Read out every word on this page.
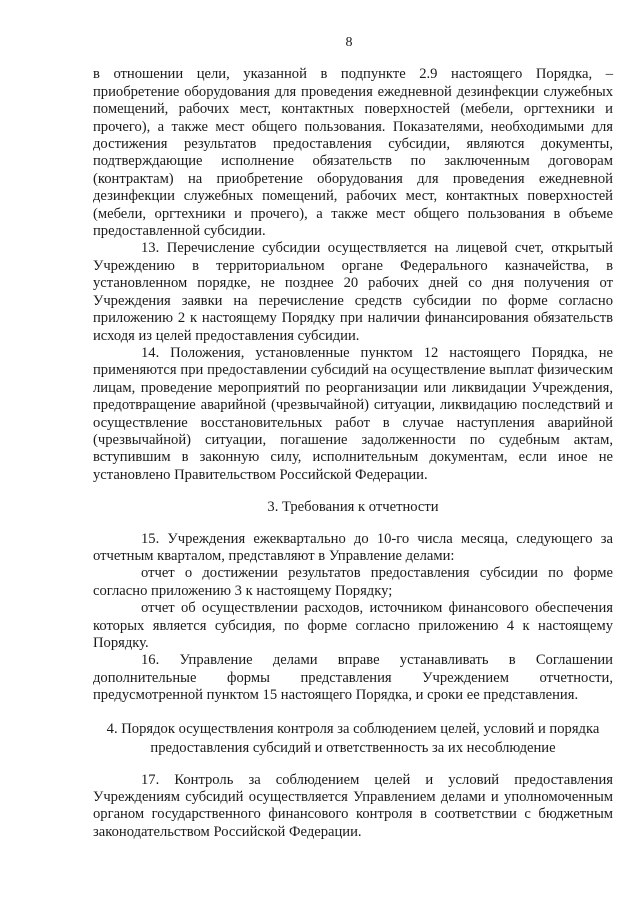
8

в отношении цели, указанной в подпункте 2.9 настоящего Порядка, – приобретение оборудования для проведения ежедневной дезинфекции служебных помещений, рабочих мест, контактных поверхностей (мебели, оргтехники и прочего), а также мест общего пользования. Показателями, необходимыми для достижения результатов предоставления субсидии, являются документы, подтверждающие исполнение обязательств по заключенным договорам (контрактам) на приобретение оборудования для проведения ежедневной дезинфекции служебных помещений, рабочих мест, контактных поверхностей (мебели, оргтехники и прочего), а также мест общего пользования в объеме предоставленной субсидии.

13. Перечисление субсидии осуществляется на лицевой счет, открытый Учреждению в территориальном органе Федерального казначейства, в установленном порядке, не позднее 20 рабочих дней со дня получения от Учреждения заявки на перечисление средств субсидии по форме согласно приложению 2 к настоящему Порядку при наличии финансирования обязательств исходя из целей предоставления субсидии.

14. Положения, установленные пунктом 12 настоящего Порядка, не применяются при предоставлении субсидий на осуществление выплат физическим лицам, проведение мероприятий по реорганизации или ликвидации Учреждения, предотвращение аварийной (чрезвычайной) ситуации, ликвидацию последствий и осуществление восстановительных работ в случае наступления аварийной (чрезвычайной) ситуации, погашение задолженности по судебным актам, вступившим в законную силу, исполнительным документам, если иное не установлено Правительством Российской Федерации.

3. Требования к отчетности

15. Учреждения ежеквартально до 10-го числа месяца, следующего за отчетным кварталом, представляют в Управление делами:

отчет о достижении результатов предоставления субсидии по форме согласно приложению 3 к настоящему Порядку;

отчет об осуществлении расходов, источником финансового обеспечения которых является субсидия, по форме согласно приложению 4 к настоящему Порядку.

16. Управление делами вправе устанавливать в Соглашении дополнительные формы представления Учреждением отчетности, предусмотренной пунктом 15 настоящего Порядка, и сроки ее представления.

4. Порядок осуществления контроля за соблюдением целей, условий и порядка предоставления субсидий и ответственность за их несоблюдение

17. Контроль за соблюдением целей и условий предоставления Учреждениям субсидий осуществляется Управлением делами и уполномоченным органом государственного финансового контроля в соответствии с бюджетным законодательством Российской Федерации.
